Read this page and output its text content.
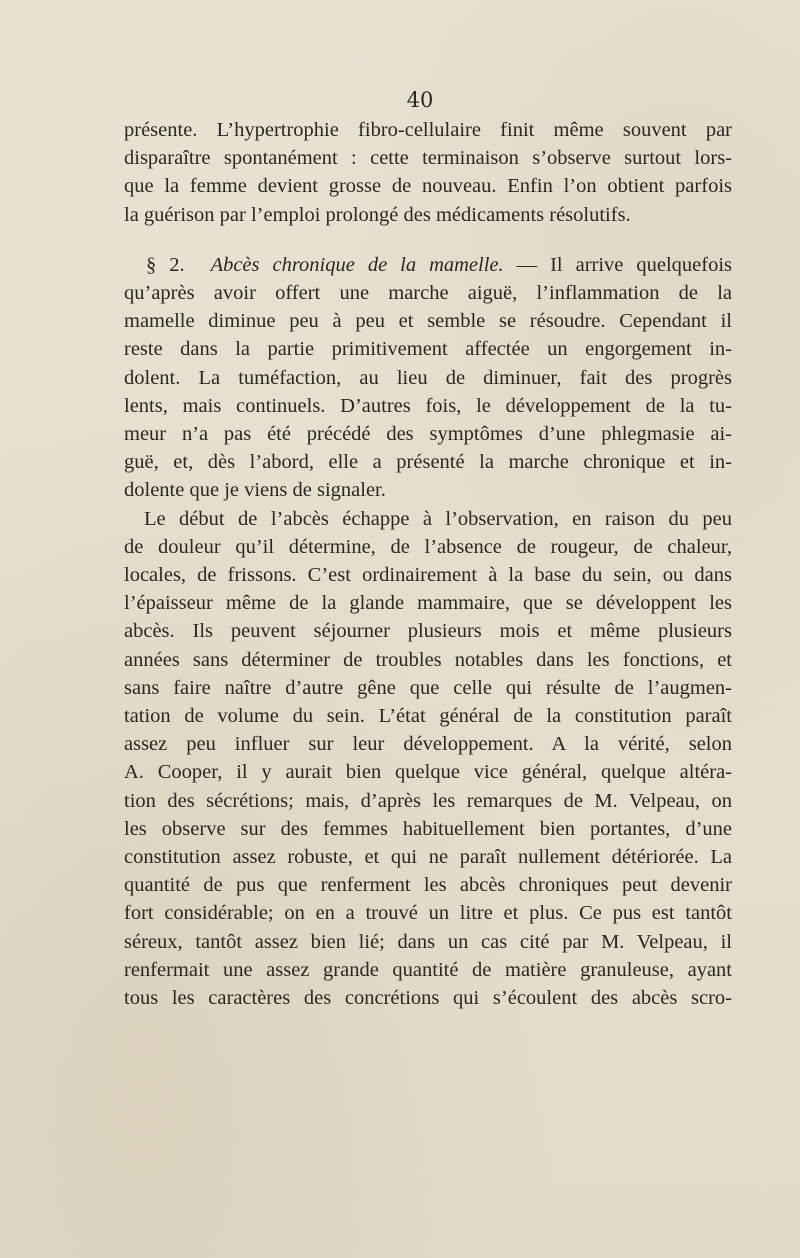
40

présente. L’hypertrophie fibro-cellulaire finit même souvent par
disparaître spontanément : cette terminaison s’observe surtout lors-
que la femme devient grosse de nouveau. Enfin l’on obtient parfois
la guérison par l’emploi prolongé des médicaments résolutifs.

§ 2. Abcès chronique de la mamelle. — Il arrive quelquefois
qu’après avoir offert une marche aiguë, l’inflammation de la
mamelle diminue peu à peu et semble se résoudre. Cependant il
reste dans la partie primitivement affectée un engorgement in-
dolent. La tuméfaction, au lieu de diminuer, fait des progrès
lents, mais continuels. D’autres fois, le développement de la tu-
meur n’a pas été précédé des symptômes d’une phlegmasie ai-
guë, et, dès l’abord, elle a présenté la marche chronique et in-
dolente que je viens de signaler.

Le début de l’abcès échappe à l’observation, en raison du peu
de douleur qu’il détermine, de l’absence de rougeur, de chaleur,
locales, de frissons. C’est ordinairement à la base du sein, ou dans
l’épaisseur même de la glande mammaire, que se développent les
abcès. Ils peuvent séjourner plusieurs mois et même plusieurs
années sans déterminer de troubles notables dans les fonctions, et
sans faire naître d’autre gêne que celle qui résulte de l’augmen-
tation de volume du sein. L’état général de la constitution paraît
assez peu influer sur leur développement. A la vérité, selon
A. Cooper, il y aurait bien quelque vice général, quelque altéra-
tion des sécrétions; mais, d’après les remarques de M. Velpeau, on
les observe sur des femmes habituellement bien portantes, d’une
constitution assez robuste, et qui ne paraît nullement détériorée. La
quantité de pus que renferment les abcès chroniques peut devenir
fort considérable; on en a trouvé un litre et plus. Ce pus est tantôt
séreux, tantôt assez bien lié; dans un cas cité par M. Velpeau, il
renfermait une assez grande quantité de matière granuleuse, ayant
tous les caractères des concrétions qui s’écoulent des abcès scro-
